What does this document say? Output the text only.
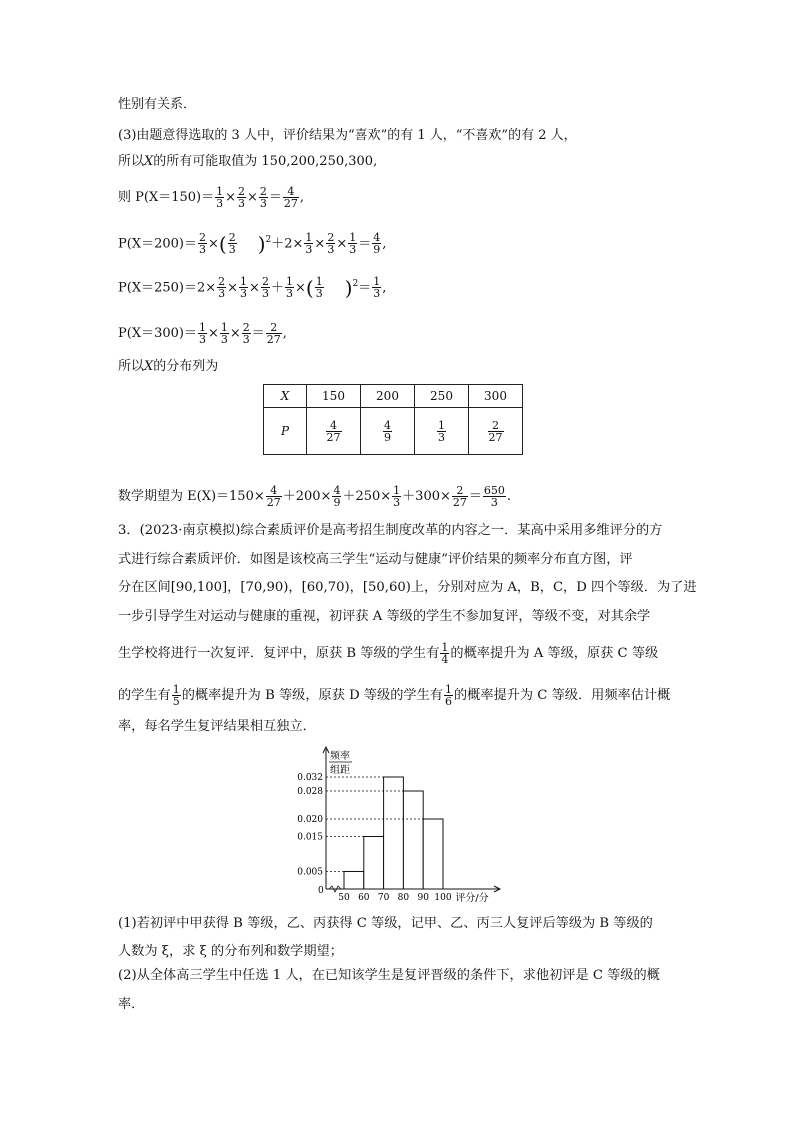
性别有关系．
(3)由题意得选取的 3 人中，评价结果为“喜欢”的有 1 人，“不喜欢”的有 2 人，
所以X的所有可能取值为 150,200,250,300,
则 $P(X=150)= \frac{1}{3} \times \frac{2}{3} \times \frac{2}{3} = \frac{4}{27}$ ,
$P(X=200)= \frac{2}{3}$ ×( $\frac{2}{3} )^2+2\times \frac{1}{3} \times \frac{2}{3} \times \frac{1}{3} = \frac{4}{9}$ ,
$P(X=250)=2\times \frac{2}{3} \times \frac{1}{3} \times \frac{2}{3} + \frac{1}{3}$ ×( $\frac{1}{3} )^2= \frac{1}{3}$ ,
$P(X=300)= \frac{1}{3} \times \frac{1}{3} \times \frac{2}{3} = \frac{2}{27}$ ,
所以X的分布列为
X	150	200	250	300
P	$\frac{4}{27}$	$\frac{4}{9}$	$\frac{1}{3}$	$\frac{2}{27}$
数学期望为 $E(X)=150\times \frac{4}{27} +200\times \frac{4}{9} +250\times \frac{1}{3} +300\times \frac{2}{27} = \frac{650}{3}$ .
3．(2023·南京模拟)综合素质评价是高考招生制度改革的内容之一．某高中采用多维评分的方
式进行综合素质评价．如图是该校高三学生“运动与健康”评价结果的频率分布直方图，评
分在区间[90,100]，[70,90)，[60,70)，[50,60)上，分别对应为 A，B，C，D 四个等级．为了进
一步引导学生对运动与健康的重视，初评获 A 等级的学生不参加复评，等级不变，对其余学
生学校将进行一次复评．复评中，原获 B 等级的学生有 $\frac{1}{4}$ 的概率提升为 A 等级，原获 C 等级
的学生有 $\frac{1}{5}$ 的概率提升为 B 等级，原获 D 等级的学生有 $\frac{1}{6}$ 的概率提升为 C 等级．用频率估计概
率，每名学生复评结果相互独立．
频率
组距
0
0.005
0.015
0.020
0.028
0.032
50 60 70 80 90 100 评分/分
(1)若初评中甲获得 B 等级，乙、丙获得 C 等级，记甲、乙、丙三人复评后等级为 B 等级的
人数为 ξ，求 ξ 的分布列和数学期望；
(2)从全体高三学生中任选 1 人，在已知该学生是复评晋级的条件下，求他初评是 C 等级的概
率．
